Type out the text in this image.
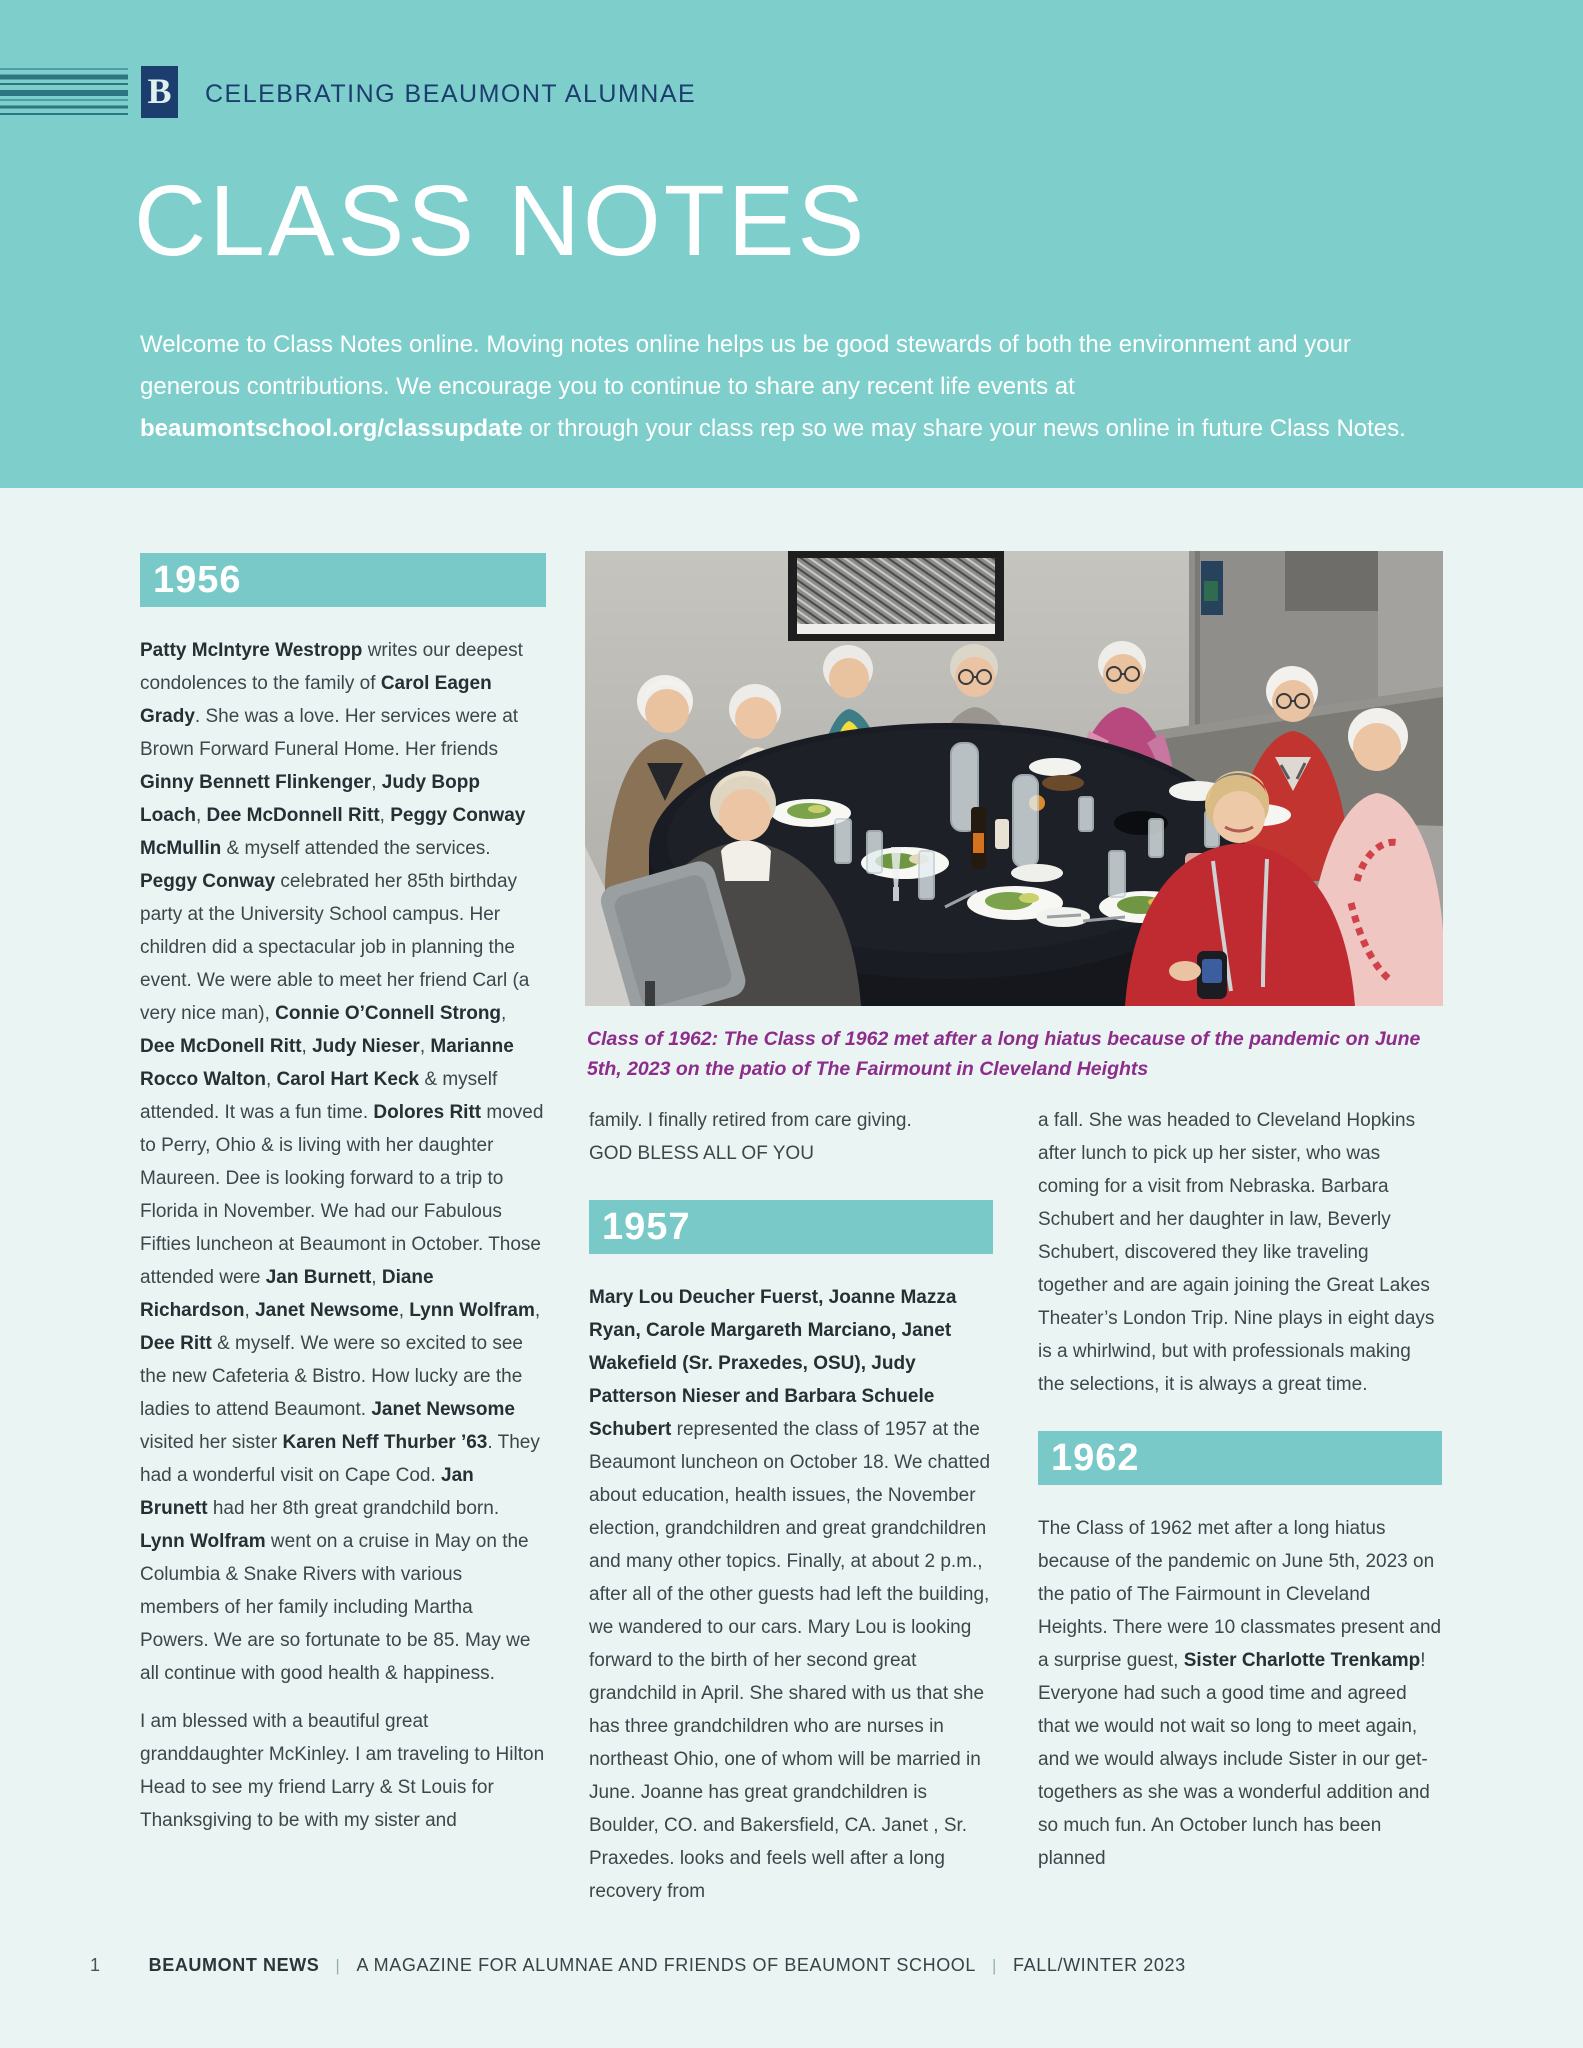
B CELEBRATING BEAUMONT ALUMNAE
CLASS NOTES

Welcome to Class Notes online. Moving notes online helps us be good stewards of both the environment and your generous contributions. We encourage you to continue to share any recent life events at beaumontschool.org/classupdate or through your class rep so we may share your news online in future Class Notes.

Class of 1962: The Class of 1962 met after a long hiatus because of the pandemic on June 5th, 2023 on the patio of The Fairmount in Cleveland Heights
1956

Patty McIntyre Westropp writes our deepest condolences to the family of Carol Eagen Grady. She was a love. Her services were at Brown Forward Funeral Home. Her friends Ginny Bennett Flinkenger, Judy Bopp Loach, Dee McDonnell Ritt, Peggy Conway McMullin & myself attended the services. Peggy Conway celebrated her 85th birthday party at the University School campus. Her children did a spectacular job in planning the event. We were able to meet her friend Carl (a very nice man), Connie O’Connell Strong, Dee McDonell Ritt, Judy Nieser, Marianne Rocco Walton, Carol Hart Keck & myself attended. It was a fun time. Dolores Ritt moved to Perry, Ohio & is living with her daughter Maureen. Dee is looking forward to a trip to Florida in November. We had our Fabulous Fifties luncheon at Beaumont in October. Those attended were Jan Burnett, Diane Richardson, Janet Newsome, Lynn Wolfram, Dee Ritt & myself. We were so excited to see the new Cafeteria & Bistro. How lucky are the ladies to attend Beaumont. Janet Newsome visited her sister Karen Neff Thurber ’63. They had a wonderful visit on Cape Cod. Jan Brunett had her 8th great grandchild born. Lynn Wolfram went on a cruise in May on the Columbia & Snake Rivers with various members of her family including Martha Powers. We are so fortunate to be 85. May we all continue with good health & happiness.

I am blessed with a beautiful great granddaughter McKinley. I am traveling to Hilton Head to see my friend Larry & St Louis for Thanksgiving to be with my sister and

family. I finally retired from care giving.
GOD BLESS ALL OF YOU

1957

Mary Lou Deucher Fuerst, Joanne Mazza Ryan, Carole Margareth Marciano, Janet Wakefield (Sr. Praxedes, OSU), Judy Patterson Nieser and Barbara Schuele Schubert represented the class of 1957 at the Beaumont luncheon on October 18. We chatted about education, health issues, the November election, grandchildren and great grandchildren and many other topics. Finally, at about 2 p.m., after all of the other guests had left the building, we wandered to our cars. Mary Lou is looking forward to the birth of her second great grandchild in April. She shared with us that she has three grandchildren who are nurses in northeast Ohio, one of whom will be married in June. Joanne has great grandchildren is Boulder, CO. and Bakersfield, CA. Janet , Sr. Praxedes. looks and feels well after a long recovery from

a fall. She was headed to Cleveland Hopkins after lunch to pick up her sister, who was coming for a visit from Nebraska. Barbara Schubert and her daughter in law, Beverly Schubert, discovered they like traveling together and are again joining the Great Lakes Theater’s London Trip. Nine plays in eight days is a whirlwind, but with professionals making the selections, it is always a great time.

1962

The Class of 1962 met after a long hiatus because of the pandemic on June 5th, 2023 on the patio of The Fairmount in Cleveland Heights. There were 10 classmates present and a surprise guest, Sister Charlotte Trenkamp! Everyone had such a good time and agreed that we would not wait so long to meet again, and we would always include Sister in our get-togethers as she was a wonderful addition and so much fun. An October lunch has been planned

1	BEAUMONT NEWS | A MAGAZINE FOR ALUMNAE AND FRIENDS OF BEAUMONT SCHOOL | FALL/WINTER 2023
